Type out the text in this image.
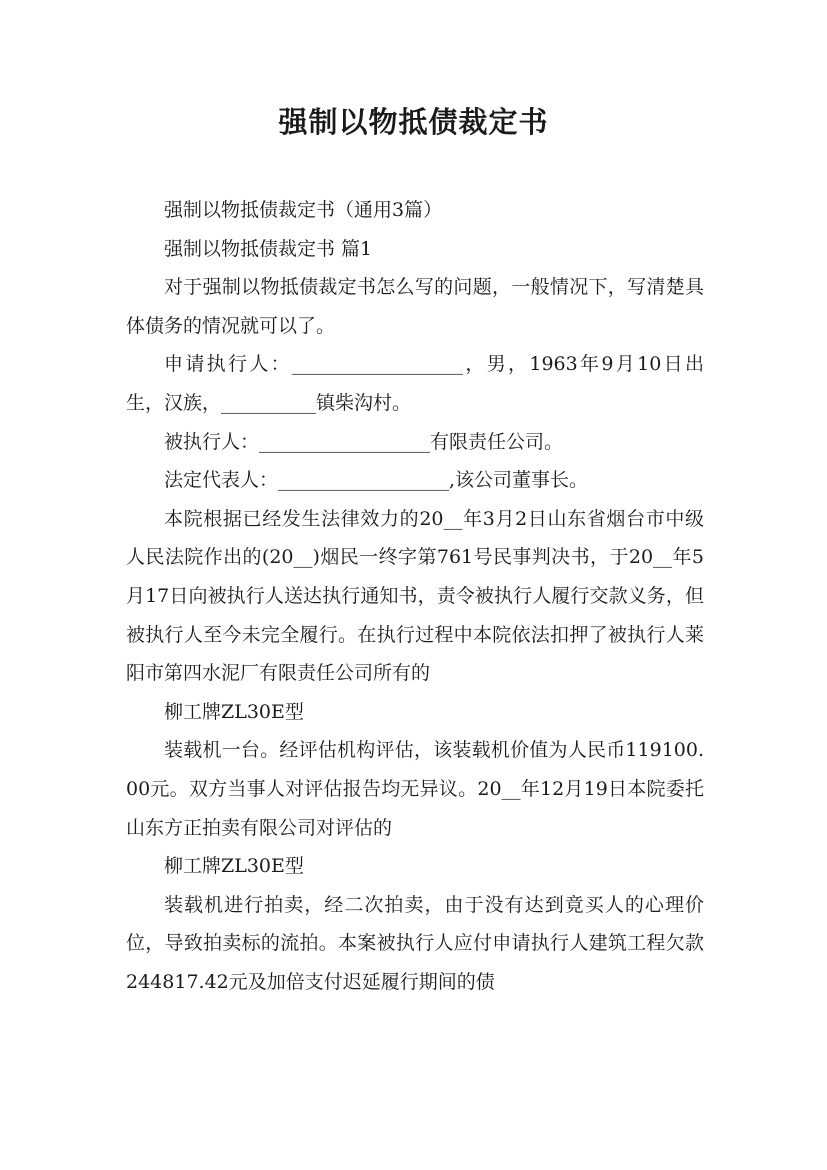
强制以物抵债裁定书

强制以物抵债裁定书（通用3篇）

强制以物抵债裁定书 篇1

对于强制以物抵债裁定书怎么写的问题，一般情况下，写清楚具体债务的情况就可以了。

申请执行人：__________________，男，1963年9月10日出生，汉族，__________镇柴沟村。

被执行人：__________________有限责任公司。

法定代表人：__________________,该公司董事长。

本院根据已经发生法律效力的20__年3月2日山东省烟台市中级人民法院作出的(20__)烟民一终字第761号民事判决书，于20__年5月17日向被执行人送达执行通知书，责令被执行人履行交款义务，但被执行人至今未完全履行。在执行过程中本院依法扣押了被执行人莱阳市第四水泥厂有限责任公司所有的

柳工牌ZL30E型

装载机一台。经评估机构评估，该装载机价值为人民币119100.00元。双方当事人对评估报告均无异议。20__年12月19日本院委托山东方正拍卖有限公司对评估的

柳工牌ZL30E型

装载机进行拍卖，经二次拍卖，由于没有达到竟买人的心理价位，导致拍卖标的流拍。本案被执行人应付申请执行人建筑工程欠款244817.42元及加倍支付迟延履行期间的债
